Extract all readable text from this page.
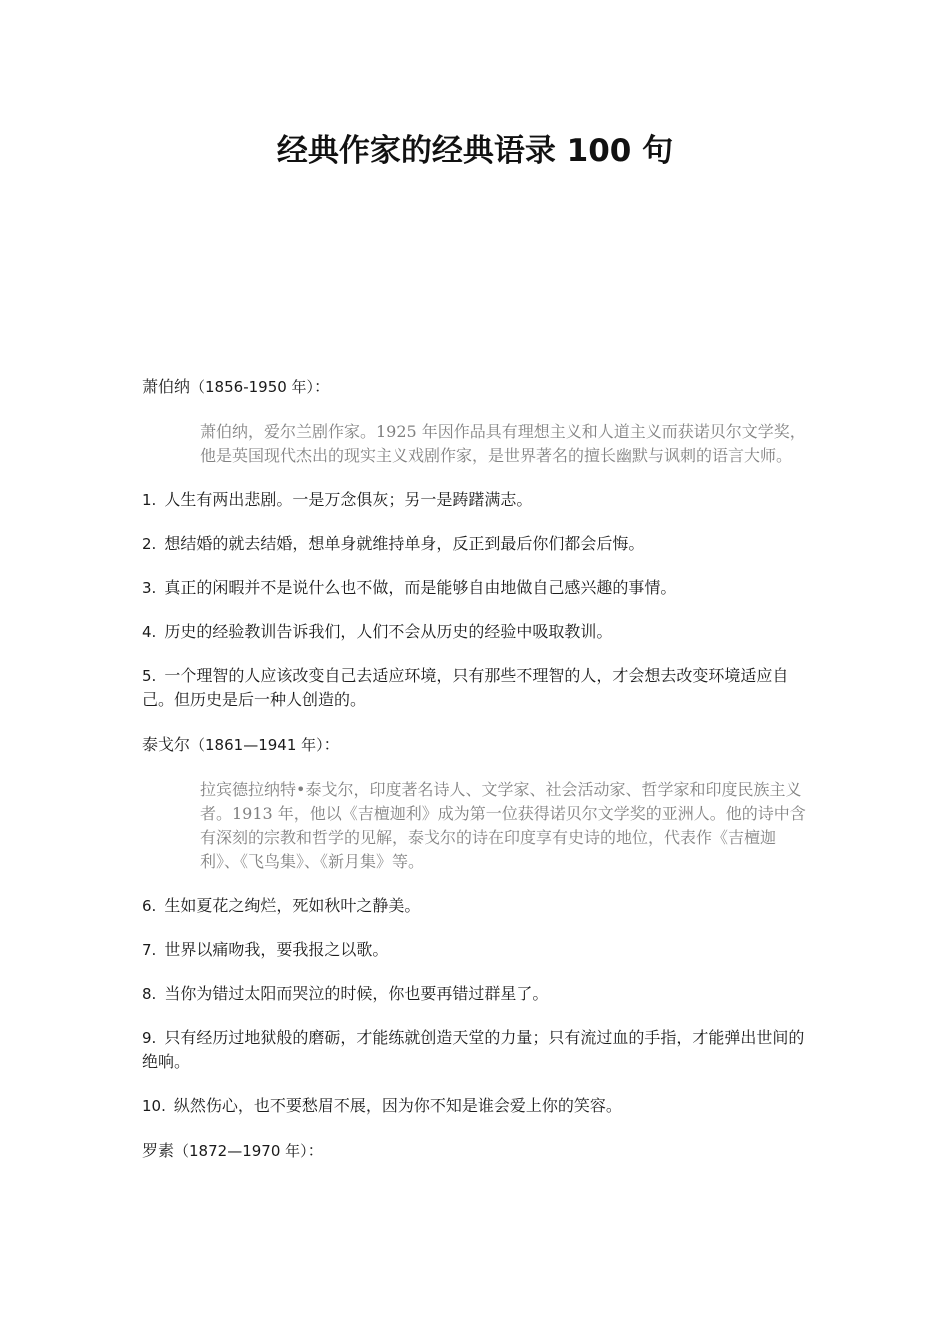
经典作家的经典语录 100 句

萧伯纳（1856-1950 年）：

萧伯纳，爱尔兰剧作家。1925 年因作品具有理想主义和人道主义而获诺贝尔文学奖，他是英国现代杰出的现实主义戏剧作家，是世界著名的擅长幽默与讽刺的语言大师。

1. 人生有两出悲剧。一是万念俱灰；另一是踌躇满志。

2. 想结婚的就去结婚，想单身就维持单身，反正到最后你们都会后悔。

3. 真正的闲暇并不是说什么也不做，而是能够自由地做自己感兴趣的事情。

4. 历史的经验教训告诉我们，人们不会从历史的经验中吸取教训。

5. 一个理智的人应该改变自己去适应环境，只有那些不理智的人，才会想去改变环境适应自己。但历史是后一种人创造的。

泰戈尔（1861—1941 年）：

拉宾德拉纳特•泰戈尔，印度著名诗人、文学家、社会活动家、哲学家和印度民族主义者。1913 年，他以《吉檀迦利》成为第一位获得诺贝尔文学奖的亚洲人。他的诗中含有深刻的宗教和哲学的见解，泰戈尔的诗在印度享有史诗的地位，代表作《吉檀迦利》、《飞鸟集》、《新月集》等。

6. 生如夏花之绚烂，死如秋叶之静美。

7. 世界以痛吻我，要我报之以歌。

8. 当你为错过太阳而哭泣的时候，你也要再错过群星了。

9. 只有经历过地狱般的磨砺，才能练就创造天堂的力量；只有流过血的手指，才能弹出世间的绝响。

10. 纵然伤心，也不要愁眉不展，因为你不知是谁会爱上你的笑容。

罗素（1872—1970 年）：
